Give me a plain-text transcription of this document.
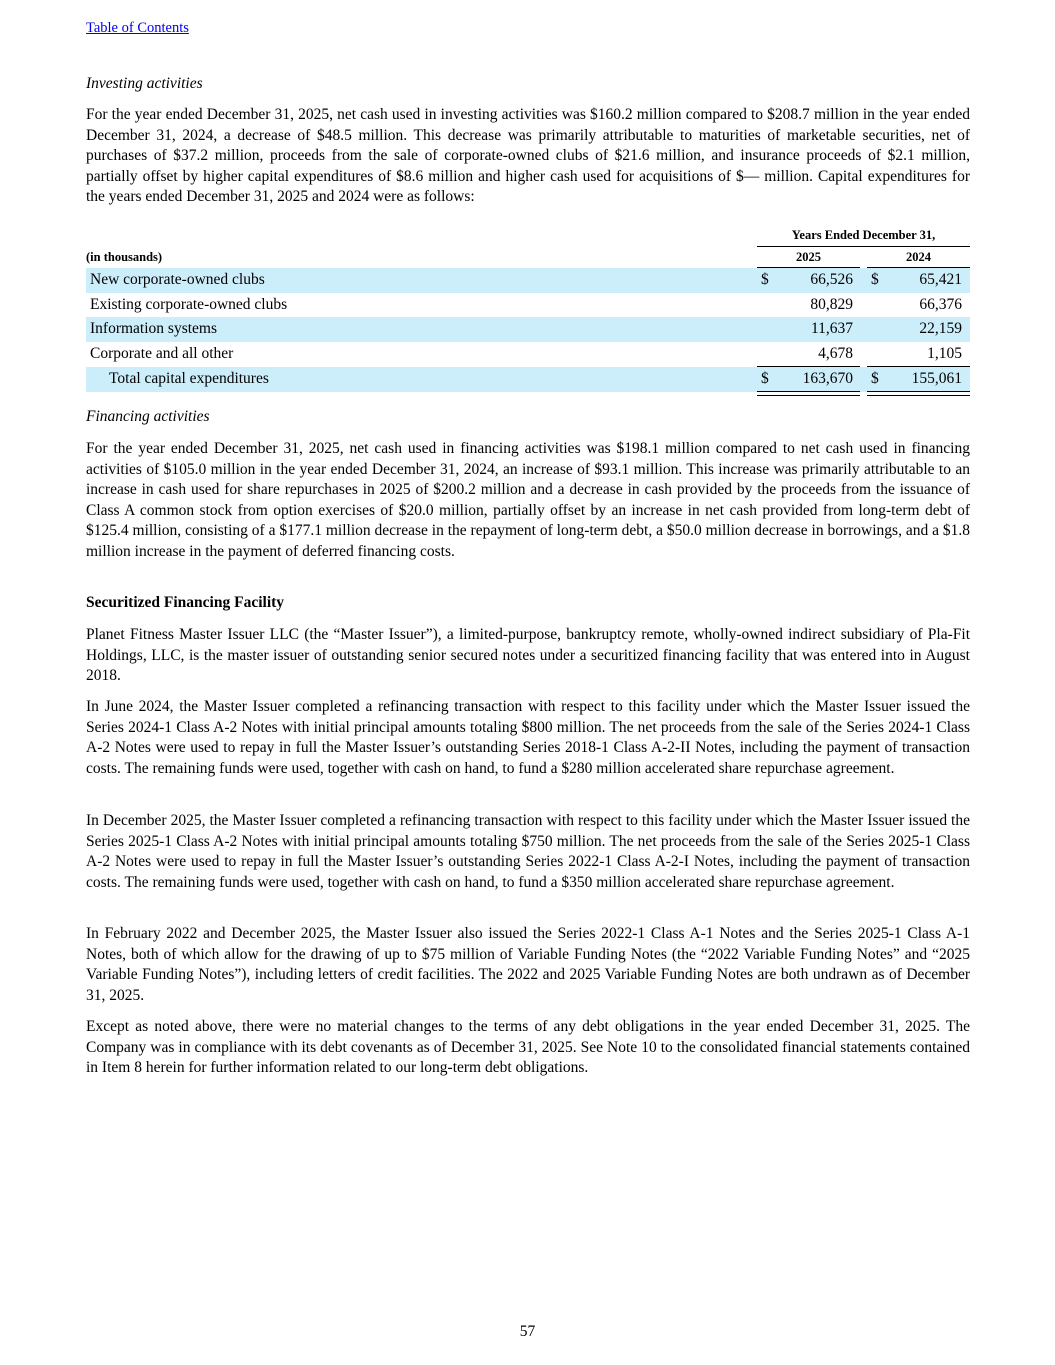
Table of Contents
Investing activities

For the year ended December 31, 2025, net cash used in investing activities was $160.2 million compared to $208.7 million in the year ended December 31, 2024, a decrease of $48.5 million. This decrease was primarily attributable to maturities of marketable securities, net of purchases of $37.2 million, proceeds from the sale of corporate-owned clubs of $21.6 million, and insurance proceeds of $2.1 million, partially offset by higher capital expenditures of $8.6 million and higher cash used for acquisitions of $— million. Capital expenditures for the years ended December 31, 2025 and 2024 were as follows:

Years Ended December 31,
(in thousands)	2025	2024
New corporate-owned clubs	$	66,526 $	65,421
Existing corporate-owned clubs	80,829	66,376
Information systems	11,637	22,159
Corporate and all other	4,678	1,105
Total capital expenditures	$	163,670 $	155,061
Financing activities

For the year ended December 31, 2025, net cash used in financing activities was $198.1 million compared to net cash used in financing activities of $105.0 million in the year ended December 31, 2024, an increase of $93.1 million. This increase was primarily attributable to an increase in cash used for share repurchases in 2025 of $200.2 million and a decrease in cash provided by the proceeds from the issuance of Class A common stock from option exercises of $20.0 million, partially offset by an increase in net cash provided from long-term debt of $125.4 million, consisting of a $177.1 million decrease in the repayment of long-term debt, a $50.0 million decrease in borrowings, and a $1.8 million increase in the payment of deferred financing costs.

Securitized Financing Facility

Planet Fitness Master Issuer LLC (the “Master Issuer”), a limited-purpose, bankruptcy remote, wholly-owned indirect subsidiary of Pla-Fit Holdings, LLC, is the master issuer of outstanding senior secured notes under a securitized financing facility that was entered into in August 2018.

In June 2024, the Master Issuer completed a refinancing transaction with respect to this facility under which the Master Issuer issued the Series 2024-1 Class A-2 Notes with initial principal amounts totaling $800 million. The net proceeds from the sale of the Series 2024-1 Class A-2 Notes were used to repay in full the Master Issuer’s outstanding Series 2018-1 Class A-2-II Notes, including the payment of transaction costs. The remaining funds were used, together with cash on hand, to fund a $280 million accelerated share repurchase agreement.

In December 2025, the Master Issuer completed a refinancing transaction with respect to this facility under which the Master Issuer issued the Series 2025-1 Class A-2 Notes with initial principal amounts totaling $750 million. The net proceeds from the sale of the Series 2025-1 Class A-2 Notes were used to repay in full the Master Issuer’s outstanding Series 2022-1 Class A-2-I Notes, including the payment of transaction costs. The remaining funds were used, together with cash on hand, to fund a $350 million accelerated share repurchase agreement.

In February 2022 and December 2025, the Master Issuer also issued the Series 2022-1 Class A-1 Notes and the Series 2025-1 Class A-1 Notes, both of which allow for the drawing of up to $75 million of Variable Funding Notes (the “2022 Variable Funding Notes” and “2025 Variable Funding Notes”), including letters of credit facilities. The 2022 and 2025 Variable Funding Notes are both undrawn as of December 31, 2025.

Except as noted above, there were no material changes to the terms of any debt obligations in the year ended December 31, 2025. The Company was in compliance with its debt covenants as of December 31, 2025. See Note 10 to the consolidated financial statements contained in Item 8 herein for further information related to our long-term debt obligations.

57
